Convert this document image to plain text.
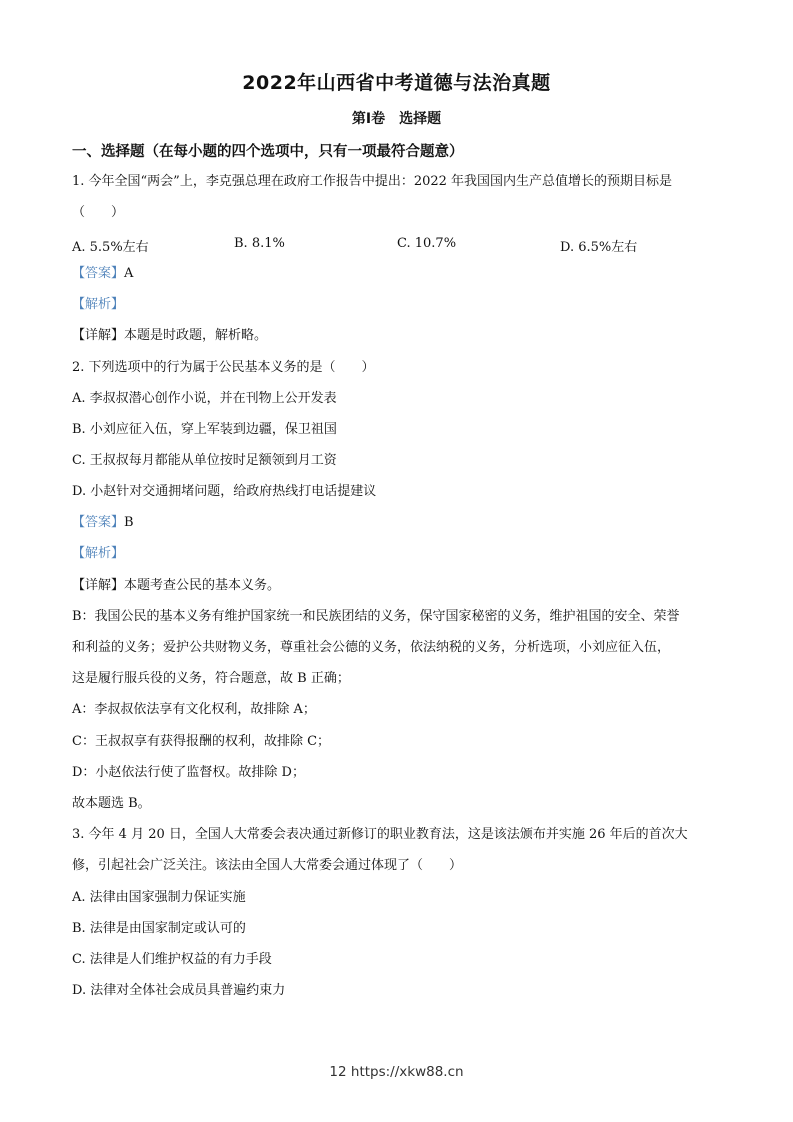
2022年山西省中考道德与法治真题
第Ⅰ卷　选择题
一、选择题（在每小题的四个选项中，只有一项最符合题意）
1. 今年全国“两会”上，李克强总理在政府工作报告中提出：2022 年我国国内生产总值增长的预期目标是
（　　）
A. 5.5%左右	B. 8.1%	C. 10.7%	D. 6.5%左右
【答案】A
【解析】
【详解】本题是时政题，解析略。
2. 下列选项中的行为属于公民基本义务的是（　　）
A. 李叔叔潜心创作小说，并在刊物上公开发表
B. 小刘应征入伍，穿上军装到边疆，保卫祖国
C. 王叔叔每月都能从单位按时足额领到月工资
D. 小赵针对交通拥堵问题，给政府热线打电话提建议
【答案】B
【解析】
【详解】本题考查公民的基本义务。
B：我国公民的基本义务有维护国家统一和民族团结的义务，保守国家秘密的义务，维护祖国的安全、荣誉
和利益的义务；爱护公共财物义务，尊重社会公德的义务，依法纳税的义务，分析选项，小刘应征入伍，
这是履行服兵役的义务，符合题意，故 B 正确；
A：李叔叔依法享有文化权利，故排除 A；
C：王叔叔享有获得报酬的权利，故排除 C；
D：小赵依法行使了监督权。故排除 D；
故本题选 B。
3. 今年 4 月 20 日，全国人大常委会表决通过新修订的职业教育法，这是该法颁布并实施 26 年后的首次大
修，引起社会广泛关注。该法由全国人大常委会通过体现了（　　）
A. 法律由国家强制力保证实施
B. 法律是由国家制定或认可的
C. 法律是人们维护权益的有力手段
D. 法律对全体社会成员具普遍约束力
12 https://xkw88.cn
